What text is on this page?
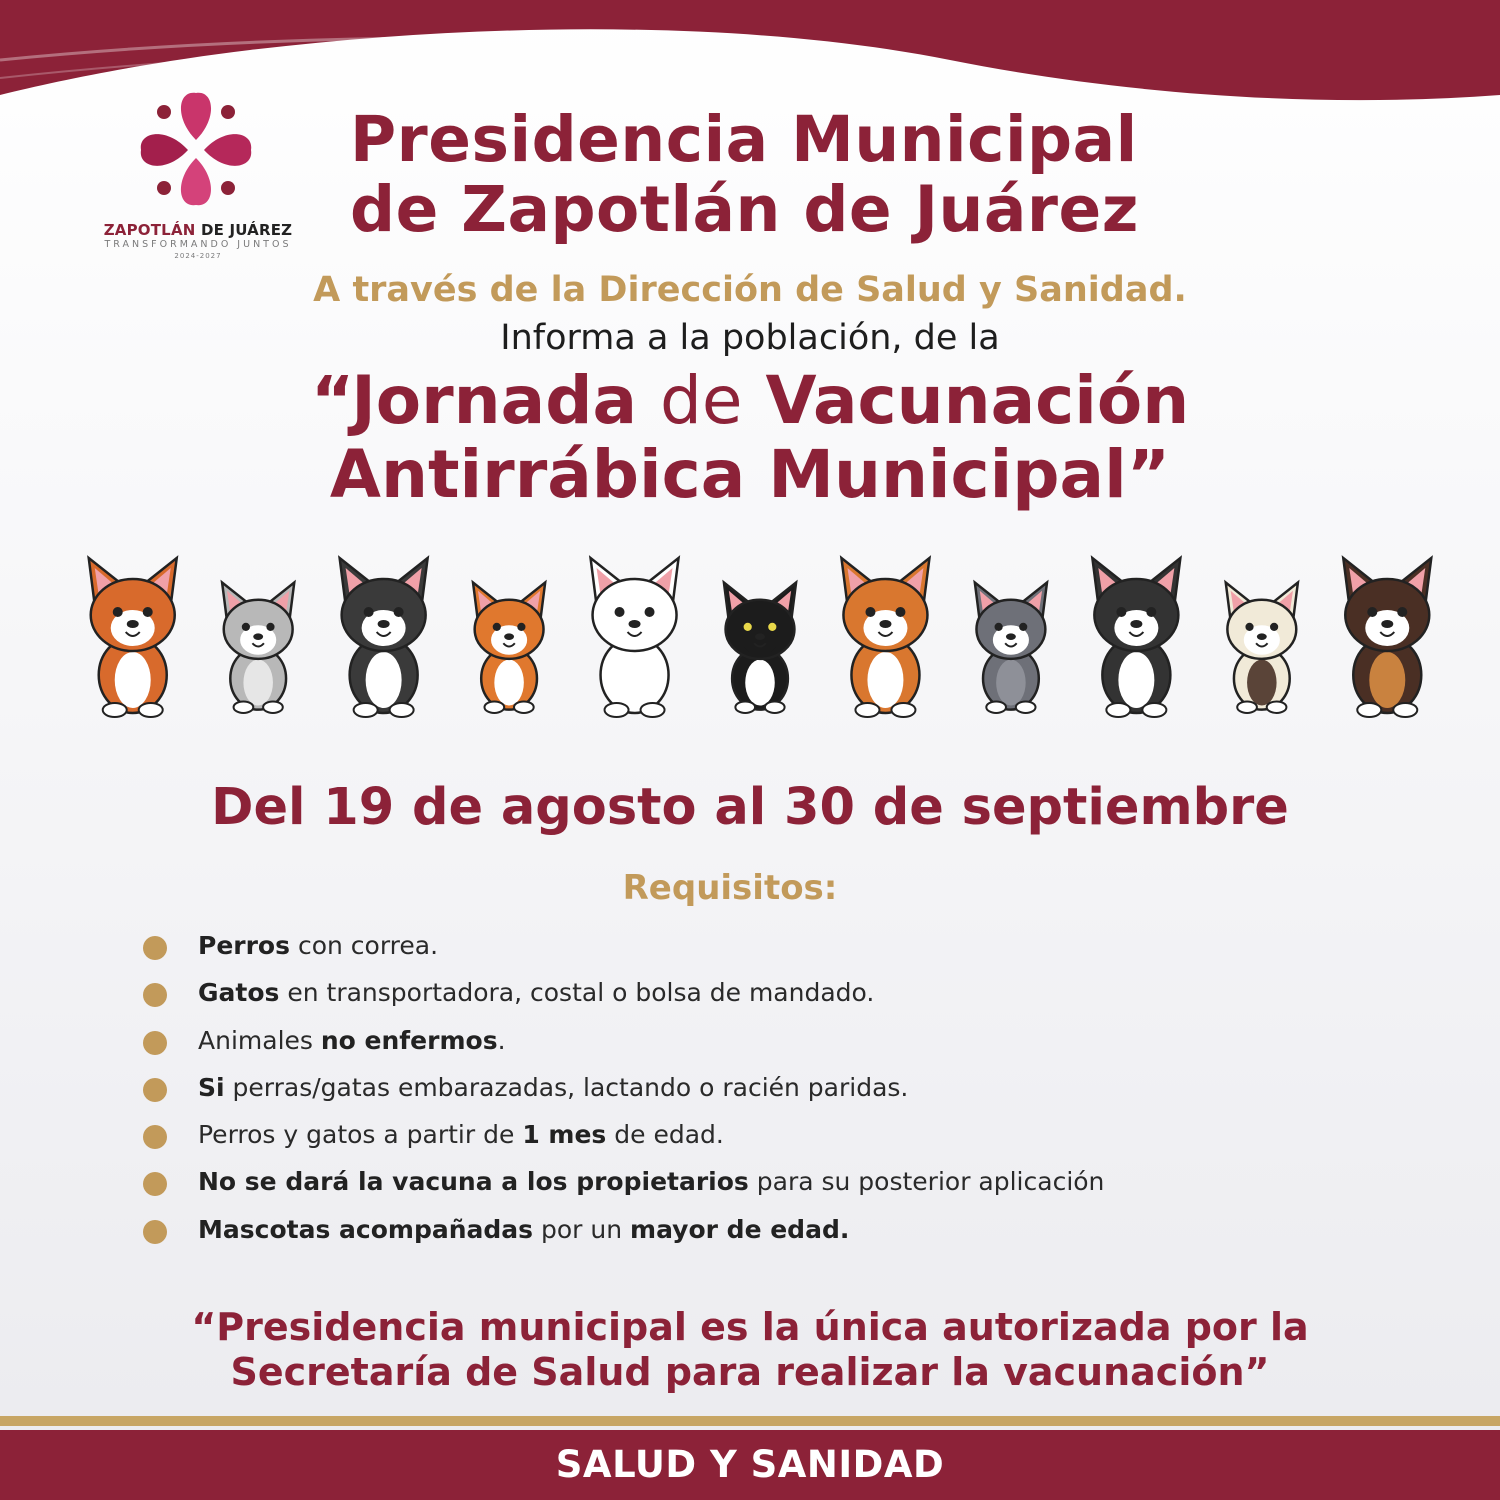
ZAPOTLÁN DE JUÁREZ
TRANSFORMANDO JUNTOS
2024-2027
Presidencia Municipal
de Zapotlán de Juárez
A través de la Dirección de Salud y Sanidad.
Informa a la población, de la
“Jornada de Vacunación
Antirrábica Municipal”
Del 19 de agosto al 30 de septiembre
Requisitos:
Perros con correa.
Gatos en transportadora, costal o bolsa de mandado.
Animales no enfermos.
Si perras/gatas embarazadas, lactando o racién paridas.
Perros y gatos a partir de 1 mes de edad.
No se dará la vacuna a los propietarios para su posterior aplicación
Mascotas acompañadas por un mayor de edad.
“Presidencia municipal es la única autorizada por la
Secretaría de Salud para realizar la vacunación”
SALUD Y SANIDAD
